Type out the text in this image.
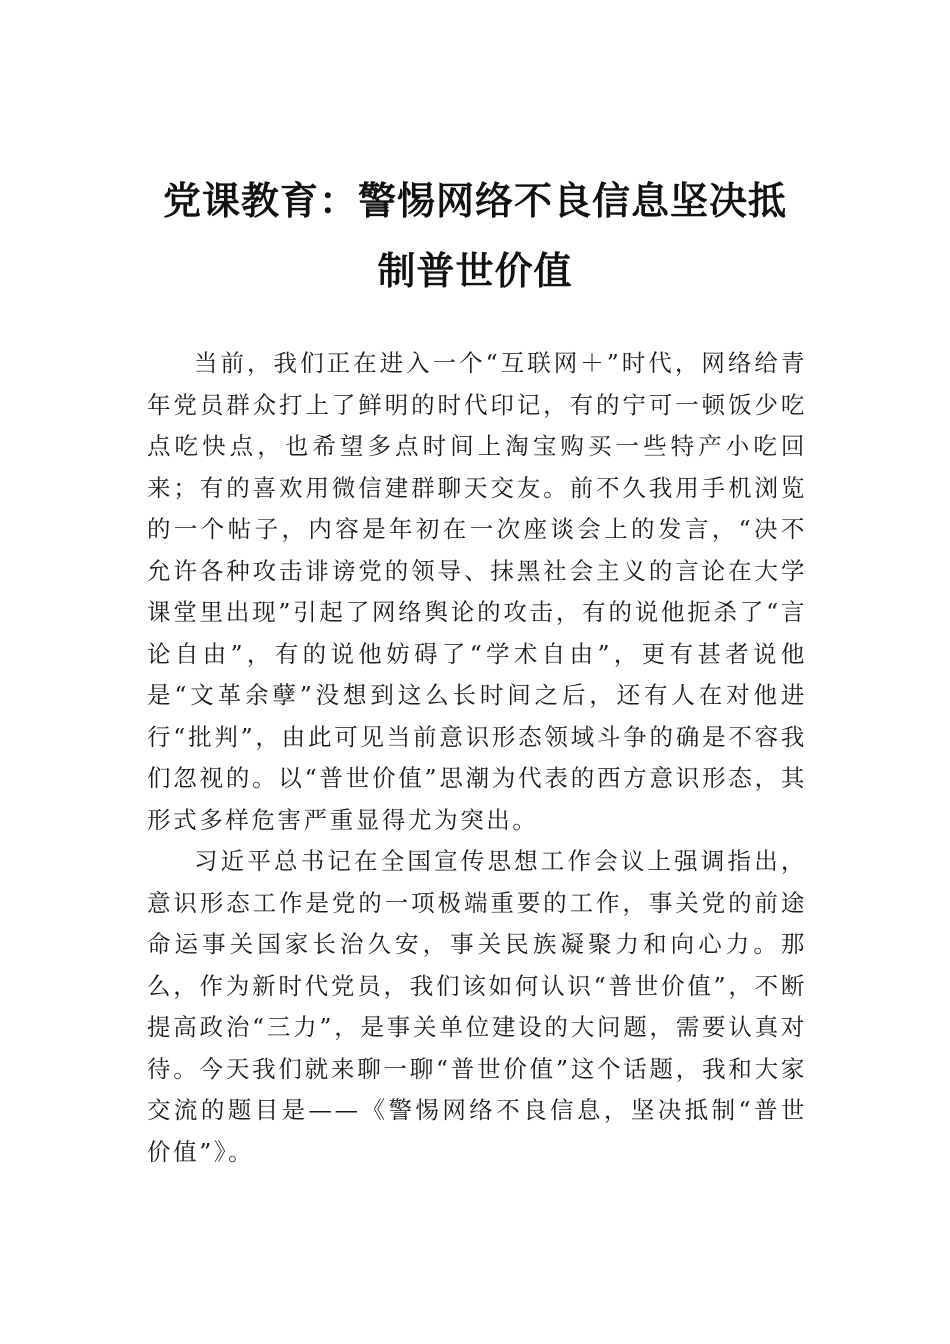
党课教育：警惕网络不良信息坚决抵制普世价值

当前，我们正在进入一个“互联网＋”时代，网络给青年党员群众打上了鲜明的时代印记，有的宁可一顿饭少吃点吃快点，也希望多点时间上淘宝购买一些特产小吃回来；有的喜欢用微信建群聊天交友。前不久我用手机浏览的一个帖子，内容是年初在一次座谈会上的发言，“决不允许各种攻击诽谤党的领导、抹黑社会主义的言论在大学课堂里出现”引起了网络舆论的攻击，有的说他扼杀了“言论自由”，有的说他妨碍了“学术自由”，更有甚者说他是“文革余孽”没想到这么长时间之后，还有人在对他进行“批判”，由此可见当前意识形态领域斗争的确是不容我们忽视的。以“普世价值”思潮为代表的西方意识形态，其形式多样危害严重显得尤为突出。

习近平总书记在全国宣传思想工作会议上强调指出，意识形态工作是党的一项极端重要的工作，事关党的前途命运事关国家长治久安，事关民族凝聚力和向心力。那么，作为新时代党员，我们该如何认识“普世价值”，不断提高政治“三力”，是事关单位建设的大问题，需要认真对待。今天我们就来聊一聊“普世价值”这个话题，我和大家交流的题目是——《警惕网络不良信息，坚决抵制“普世价值”》。
